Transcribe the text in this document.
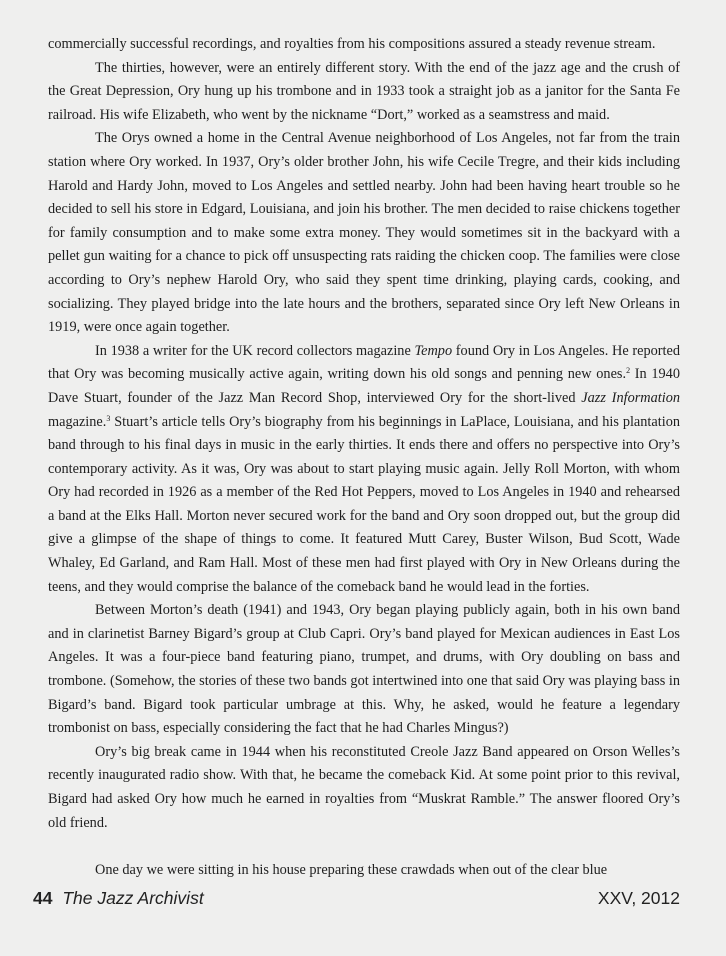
commercially successful recordings, and royalties from his compositions assured a steady revenue stream.

The thirties, however, were an entirely different story. With the end of the jazz age and the crush of the Great Depression, Ory hung up his trombone and in 1933 took a straight job as a janitor for the Santa Fe railroad. His wife Elizabeth, who went by the nickname “Dort,” worked as a seamstress and maid.

The Orys owned a home in the Central Avenue neighborhood of Los Angeles, not far from the train station where Ory worked. In 1937, Ory’s older brother John, his wife Cecile Tregre, and their kids including Harold and Hardy John, moved to Los Angeles and settled nearby. John had been having heart trouble so he decided to sell his store in Edgard, Louisiana, and join his brother. The men decided to raise chickens together for family consumption and to make some extra money. They would sometimes sit in the backyard with a pellet gun waiting for a chance to pick off unsuspecting rats raiding the chicken coop. The families were close according to Ory’s nephew Harold Ory, who said they spent time drinking, playing cards, cooking, and socializing. They played bridge into the late hours and the brothers, separated since Ory left New Orleans in 1919, were once again together.

In 1938 a writer for the UK record collectors magazine Tempo found Ory in Los Angeles. He reported that Ory was becoming musically active again, writing down his old songs and penning new ones.$^2$ In 1940 Dave Stuart, founder of the Jazz Man Record Shop, interviewed Ory for the short-lived Jazz Information magazine.$^3$ Stuart’s article tells Ory’s biography from his beginnings in LaPlace, Louisiana, and his plantation band through to his final days in music in the early thirties. It ends there and offers no perspective into Ory’s contemporary activity. As it was, Ory was about to start playing music again. Jelly Roll Morton, with whom Ory had recorded in 1926 as a member of the Red Hot Peppers, moved to Los Angeles in 1940 and rehearsed a band at the Elks Hall. Morton never secured work for the band and Ory soon dropped out, but the group did give a glimpse of the shape of things to come. It featured Mutt Carey, Buster Wilson, Bud Scott, Wade Whaley, Ed Garland, and Ram Hall. Most of these men had first played with Ory in New Orleans during the teens, and they would comprise the balance of the comeback band he would lead in the forties.

Between Morton’s death (1941) and 1943, Ory began playing publicly again, both in his own band and in clarinetist Barney Bigard’s group at Club Capri. Ory’s band played for Mexican audiences in East Los Angeles. It was a four-piece band featuring piano, trumpet, and drums, with Ory doubling on bass and trombone. (Somehow, the stories of these two bands got intertwined into one that said Ory was playing bass in Bigard’s band. Bigard took particular umbrage at this. Why, he asked, would he feature a legendary trombonist on bass, especially considering the fact that he had Charles Mingus?)

Ory’s big break came in 1944 when his reconstituted Creole Jazz Band appeared on Orson Welles’s recently inaugurated radio show. With that, he became the comeback Kid. At some point prior to this revival, Bigard had asked Ory how much he earned in royalties from “Muskrat Ramble.” The answer floored Ory’s old friend.

One day we were sitting in his house preparing these crawdads when out of the clear blue

44 The Jazz Archivist	XXV, 2012
